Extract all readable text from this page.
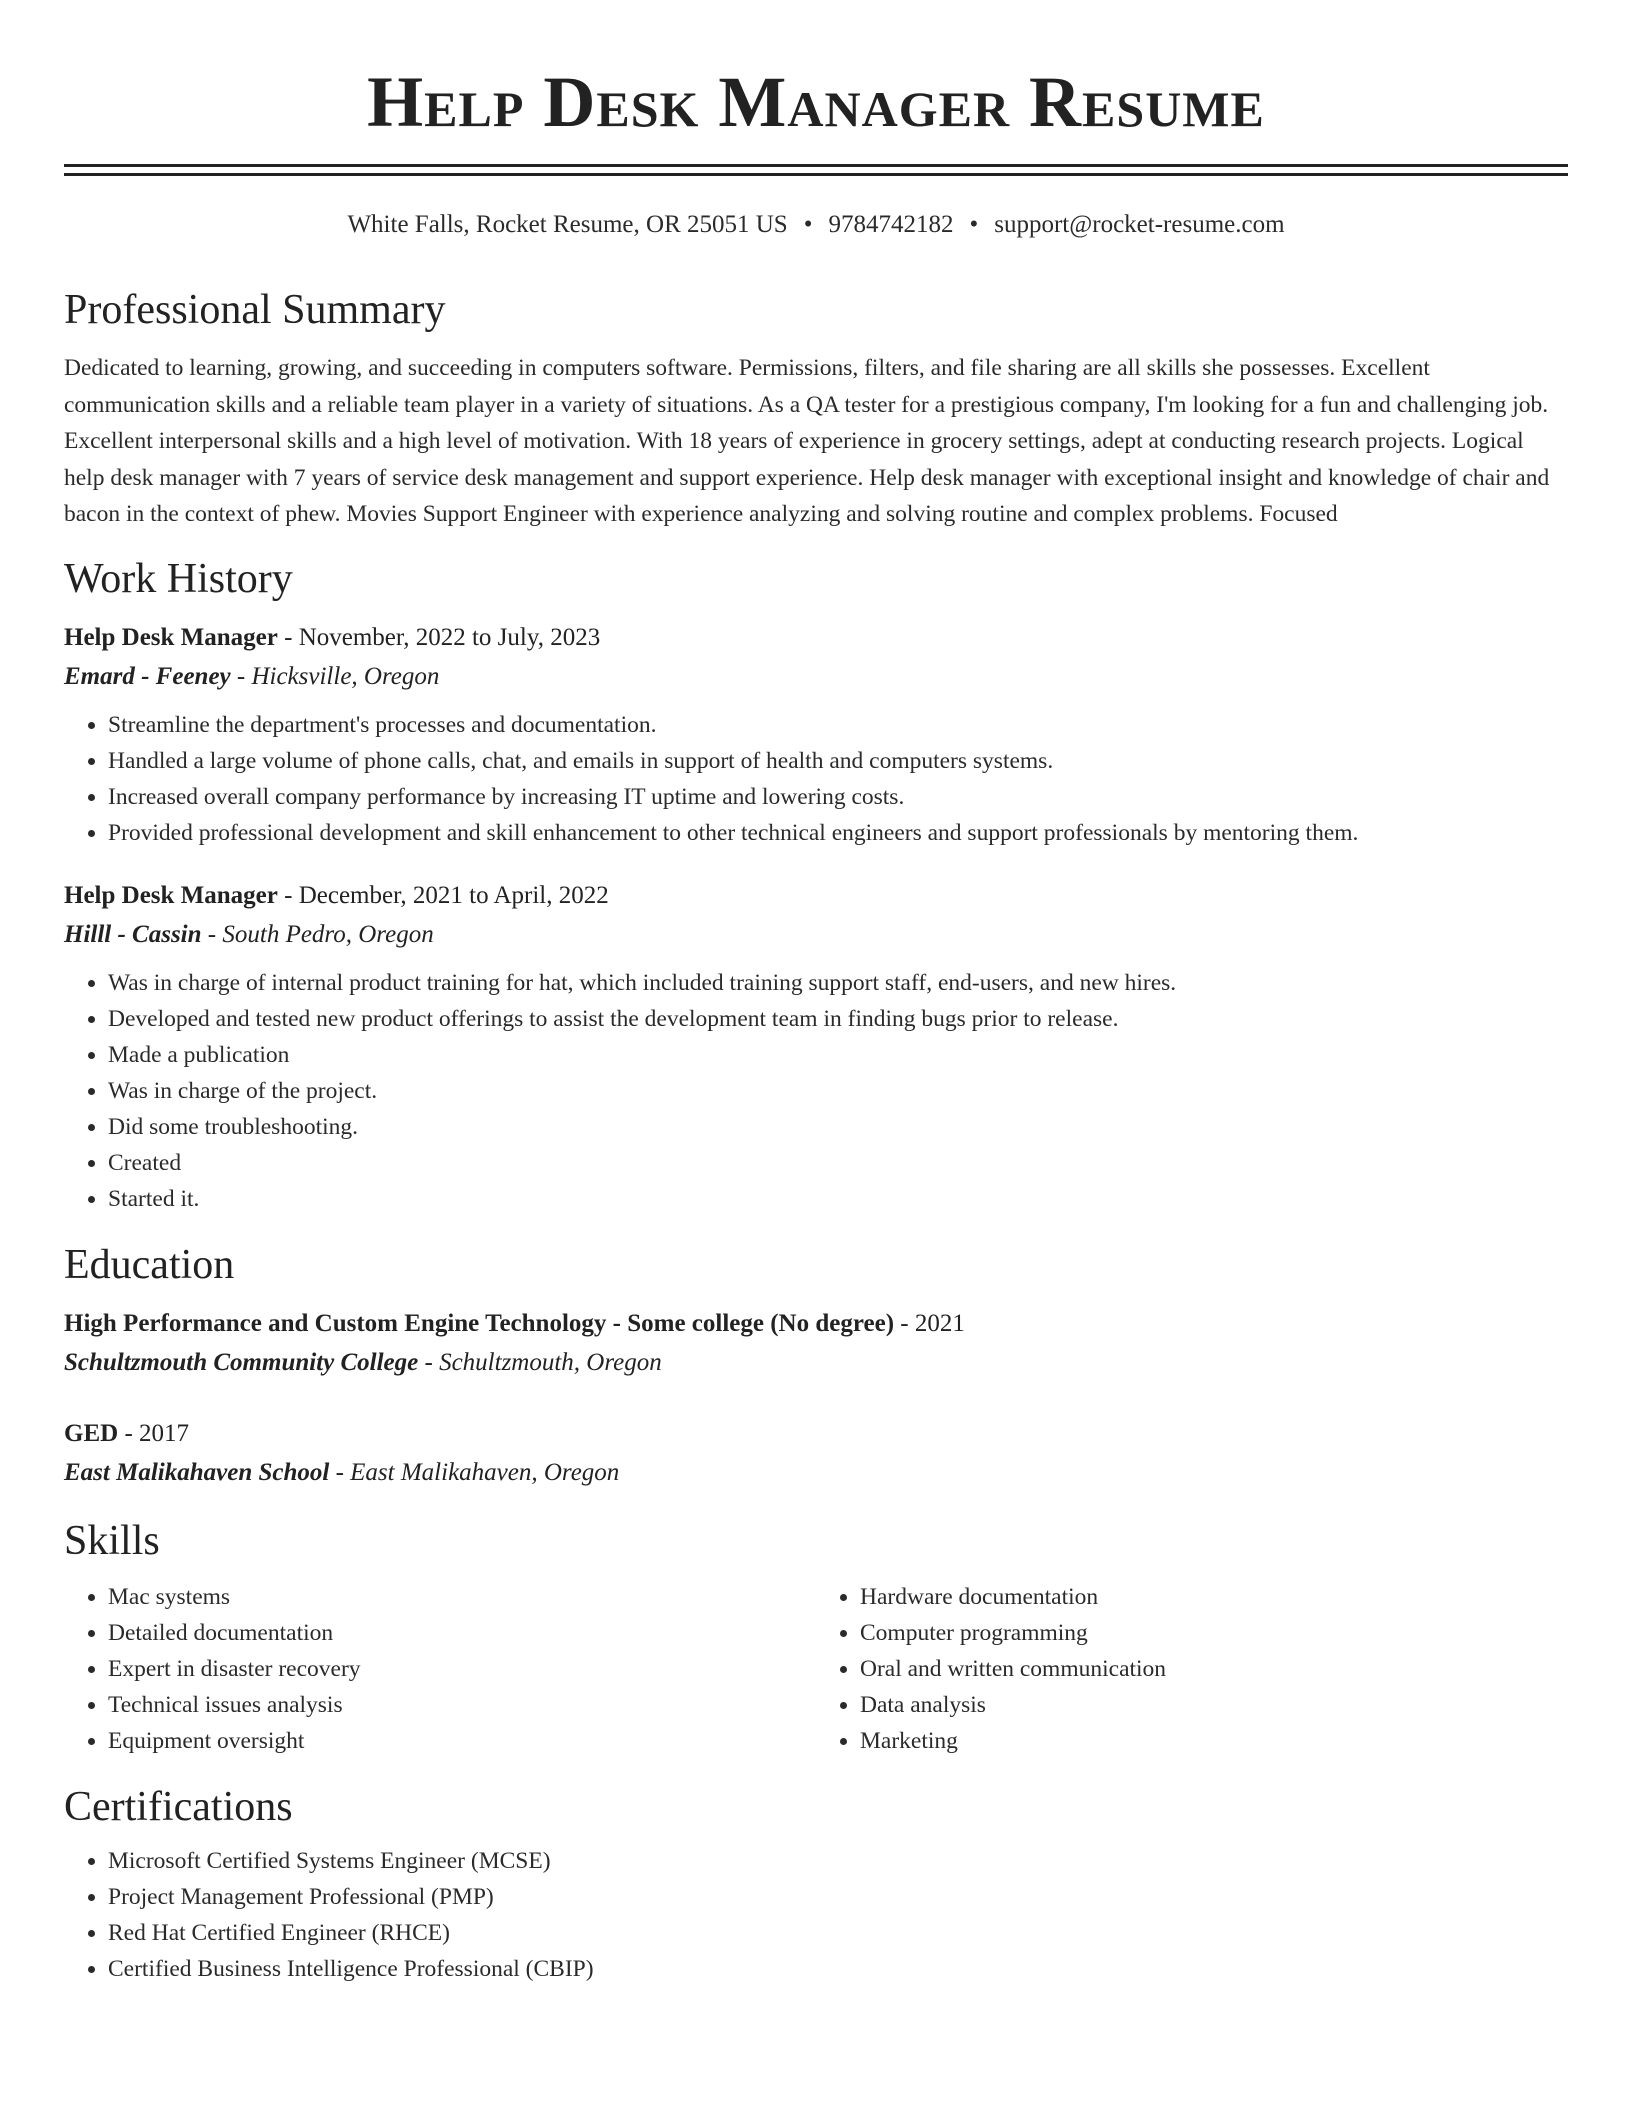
Help Desk Manager Resume
White Falls, Rocket Resume, OR 25051 US • 9784742182 • support@rocket-resume.com
Professional Summary
Dedicated to learning, growing, and succeeding in computers software. Permissions, filters, and file sharing are all skills she possesses. Excellent communication skills and a reliable team player in a variety of situations. As a QA tester for a prestigious company, I'm looking for a fun and challenging job. Excellent interpersonal skills and a high level of motivation. With 18 years of experience in grocery settings, adept at conducting research projects. Logical help desk manager with 7 years of service desk management and support experience. Help desk manager with exceptional insight and knowledge of chair and bacon in the context of phew. Movies Support Engineer with experience analyzing and solving routine and complex problems. Focused
Work History
Help Desk Manager - November, 2022 to July, 2023
Emard - Feeney - Hicksville, Oregon
• Streamline the department's processes and documentation.
• Handled a large volume of phone calls, chat, and emails in support of health and computers systems.
• Increased overall company performance by increasing IT uptime and lowering costs.
• Provided professional development and skill enhancement to other technical engineers and support professionals by mentoring them.
Help Desk Manager - December, 2021 to April, 2022
Hilll - Cassin - South Pedro, Oregon
• Was in charge of internal product training for hat, which included training support staff, end-users, and new hires.
• Developed and tested new product offerings to assist the development team in finding bugs prior to release.
• Made a publication
• Was in charge of the project.
• Did some troubleshooting.
• Created
• Started it.
Education
High Performance and Custom Engine Technology - Some college (No degree) - 2021
Schultzmouth Community College - Schultzmouth, Oregon
GED - 2017
East Malikahaven School - East Malikahaven, Oregon
Skills
• Mac systems
• Detailed documentation
• Expert in disaster recovery
• Technical issues analysis
• Equipment oversight
• Hardware documentation
• Computer programming
• Oral and written communication
• Data analysis
• Marketing
Certifications
• Microsoft Certified Systems Engineer (MCSE)
• Project Management Professional (PMP)
• Red Hat Certified Engineer (RHCE)
• Certified Business Intelligence Professional (CBIP)
